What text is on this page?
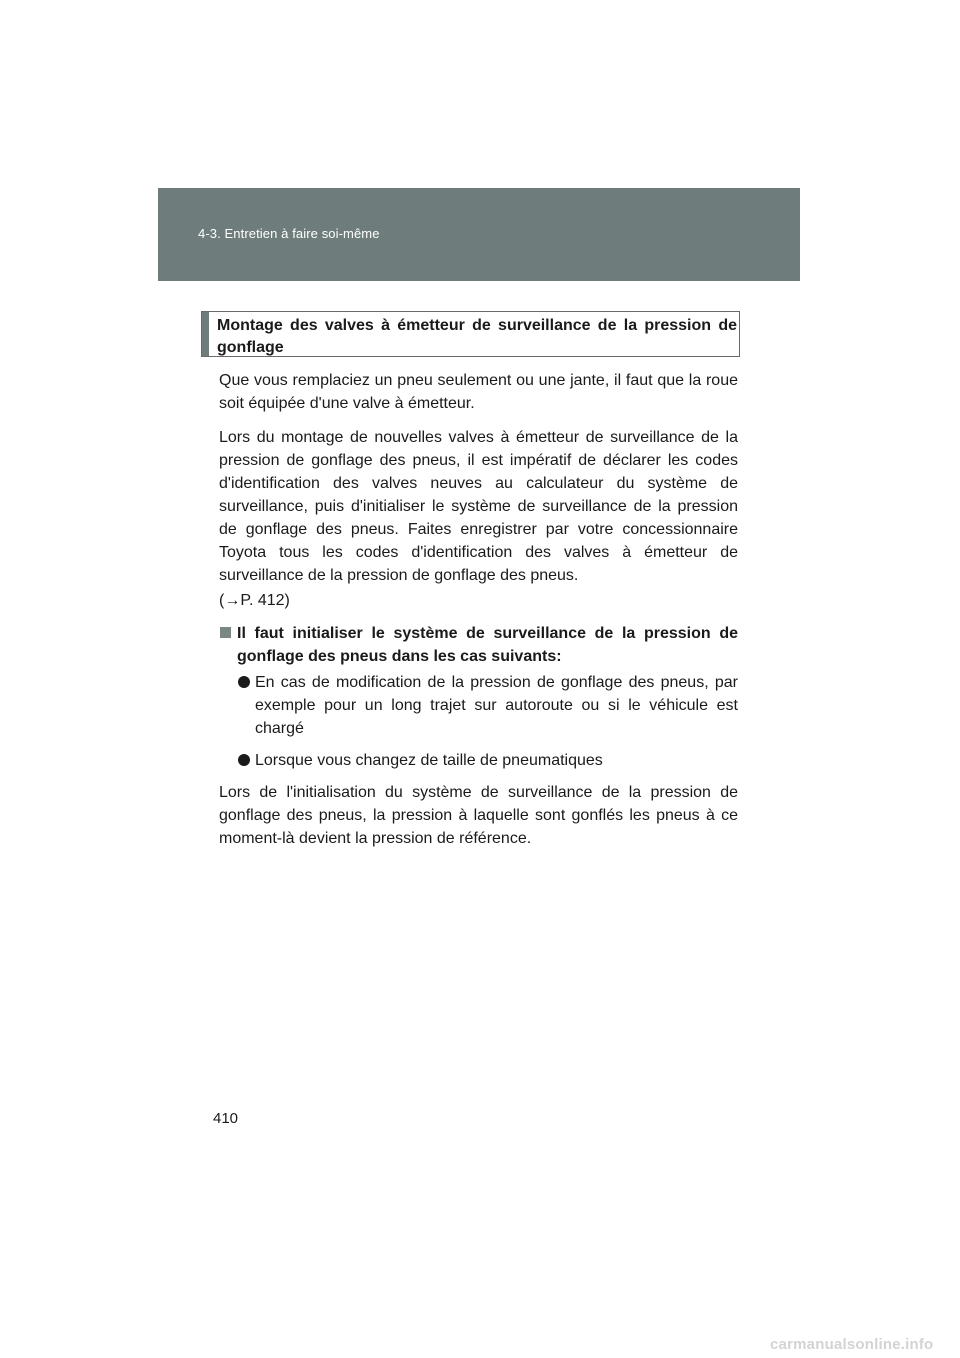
4-3. Entretien à faire soi-même
Montage des valves à émetteur de surveillance de la pression de gonflage

Que vous remplaciez un pneu seulement ou une jante, il faut que la roue soit équipée d'une valve à émetteur.

Lors du montage de nouvelles valves à émetteur de surveillance de la pression de gonflage des pneus, il est impératif de déclarer les codes d'identification des valves neuves au calculateur du système de surveillance, puis d'initialiser le système de surveillance de la pression de gonflage des pneus. Faites enregistrer par votre concessionnaire Toyota tous les codes d'identification des valves à émetteur de surveillance de la pression de gonflage des pneus.

(→P. 412)

Il faut initialiser le système de surveillance de la pression de gonflage des pneus dans les cas suivants:
En cas de modification de la pression de gonflage des pneus, par exemple pour un long trajet sur autoroute ou si le véhicule est chargé
Lorsque vous changez de taille de pneumatiques

Lors de l'initialisation du système de surveillance de la pression de gonflage des pneus, la pression à laquelle sont gonflés les pneus à ce moment-là devient la pression de référence.

410
carmanualsonline.info
